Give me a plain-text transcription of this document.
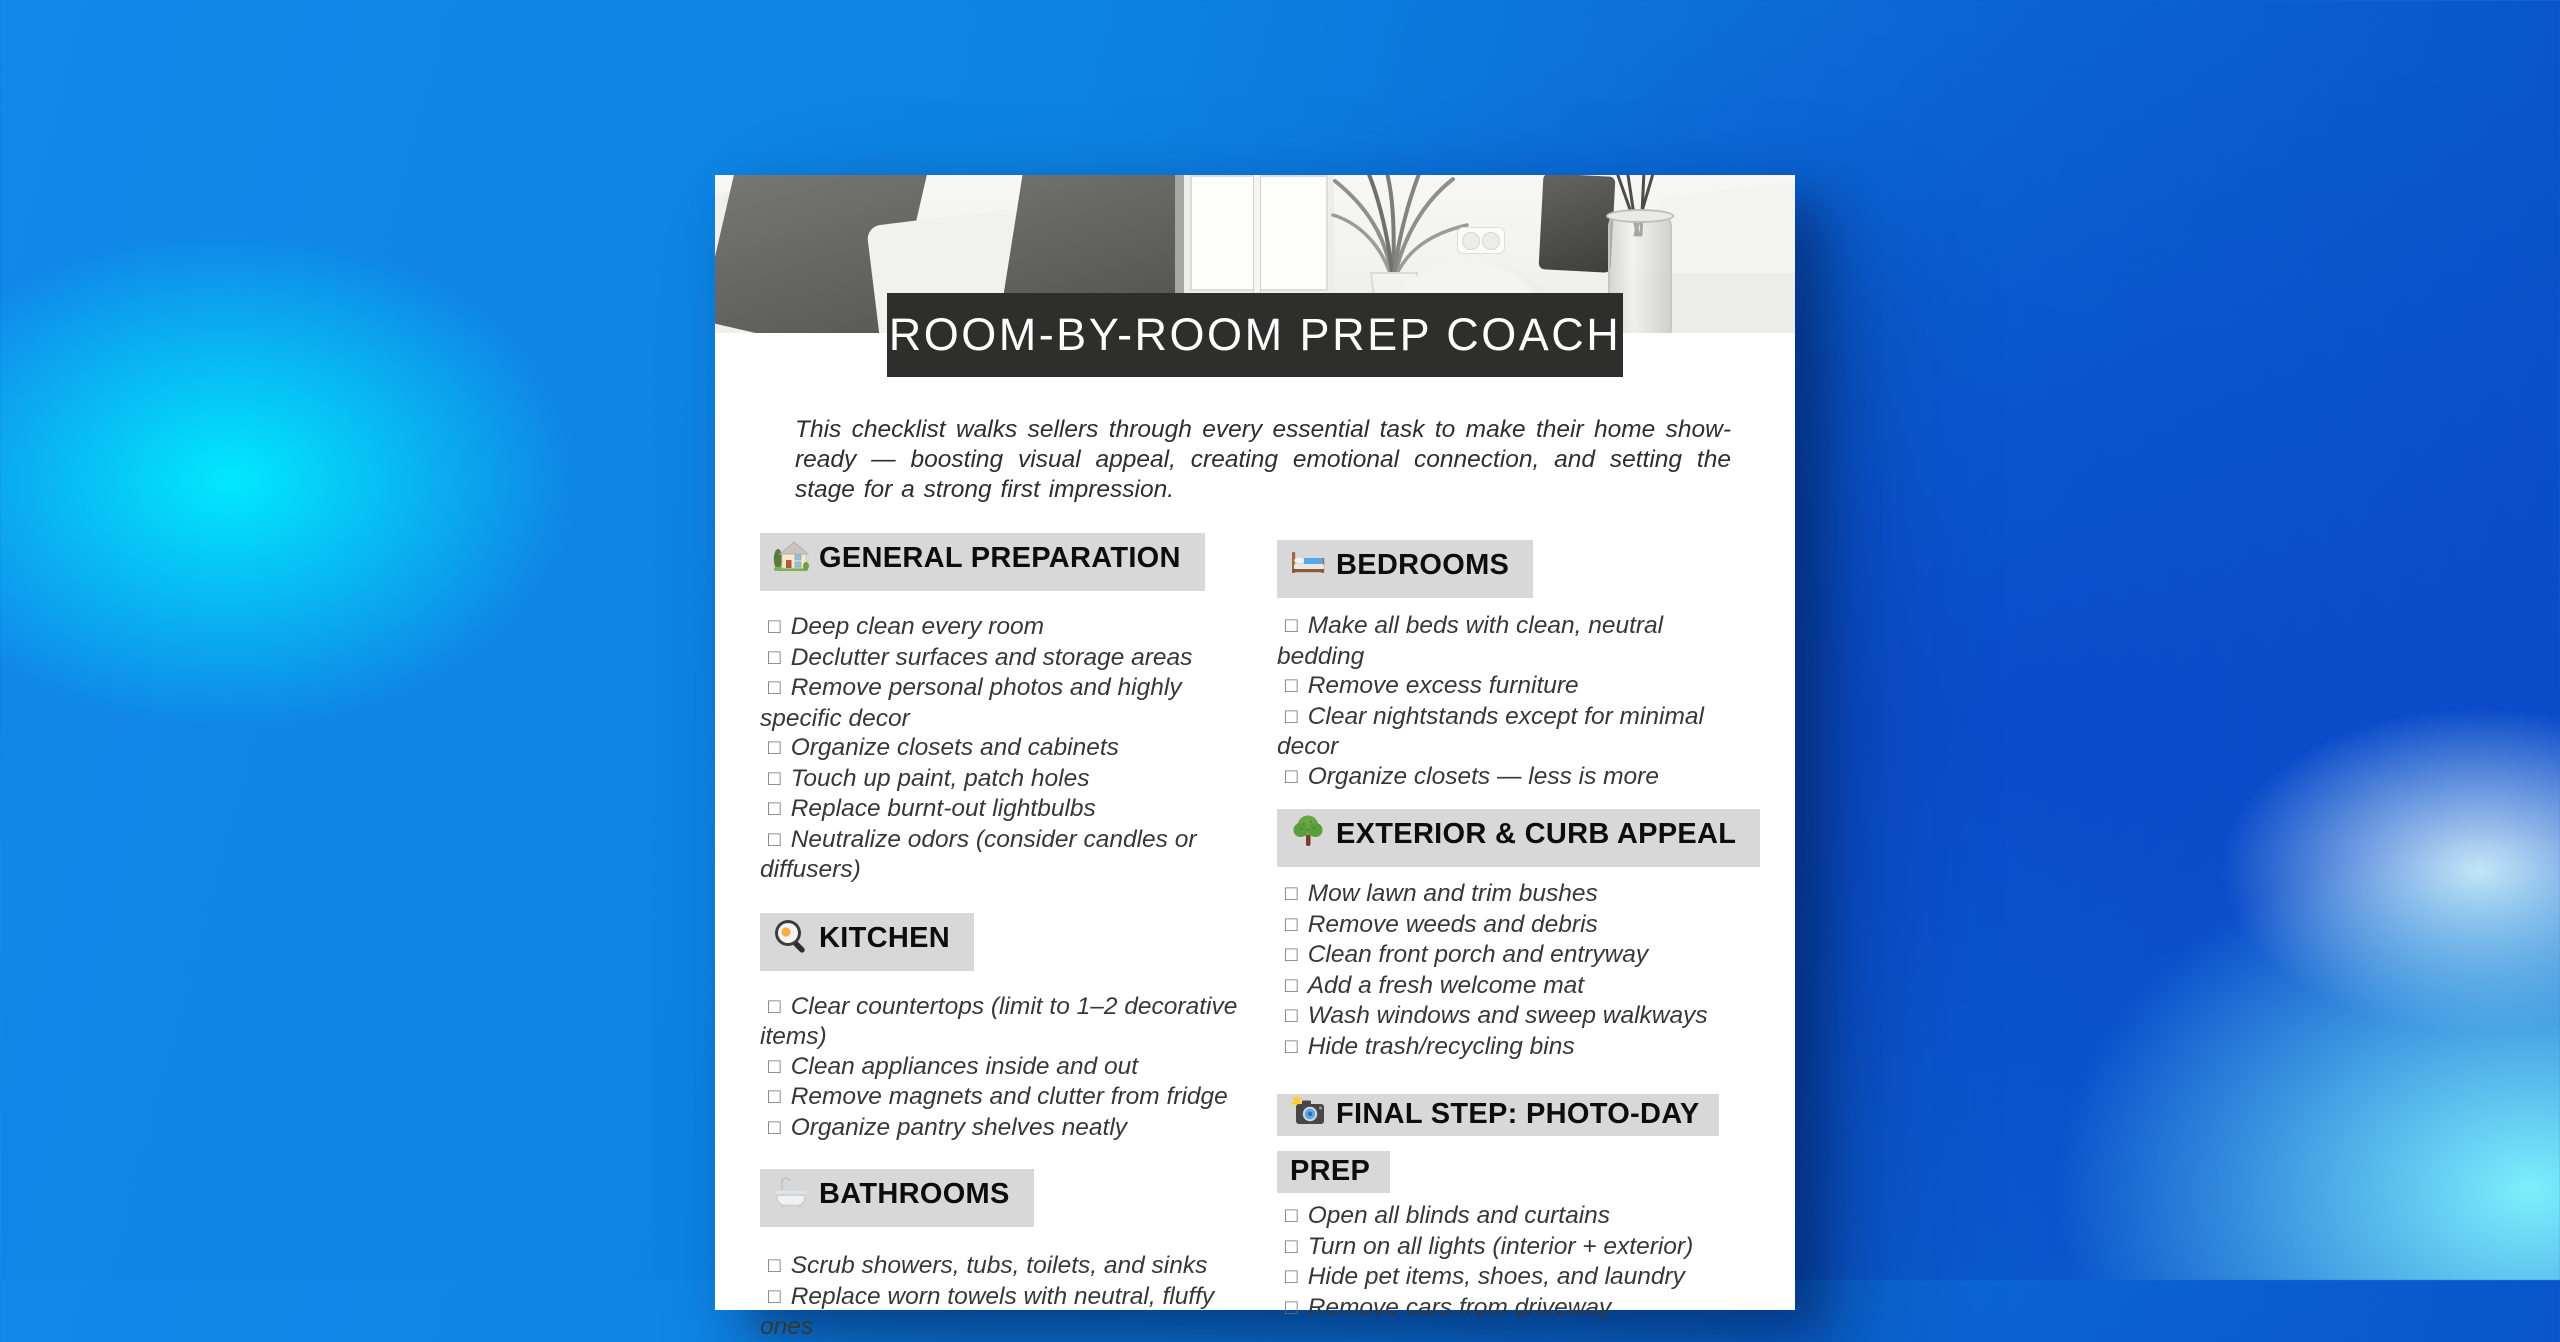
ROOM-BY-ROOM PREP COACH

This checklist walks sellers through every essential task to make their home show-ready — boosting visual appeal, creating emotional connection, and setting the stage for a strong first impression.

GENERAL PREPARATION

□ Deep clean every room

□ Declutter surfaces and storage areas

□ Remove personal photos and highly specific decor

□ Organize closets and cabinets

□ Touch up paint, patch holes

□ Replace burnt-out lightbulbs

□ Neutralize odors (consider candles or diffusers)

KITCHEN

□ Clear countertops (limit to 1–2 decorative items)

□ Clean appliances inside and out

□ Remove magnets and clutter from fridge

□ Organize pantry shelves neatly

BATHROOMS

□ Scrub showers, tubs, toilets, and sinks

□ Replace worn towels with neutral, fluffy ones

BEDROOMS

□ Make all beds with clean, neutral bedding

□ Remove excess furniture

□ Clear nightstands except for minimal decor

□ Organize closets — less is more

EXTERIOR & CURB APPEAL

□ Mow lawn and trim bushes

□ Remove weeds and debris

□ Clean front porch and entryway

□ Add a fresh welcome mat

□ Wash windows and sweep walkways

□ Hide trash/recycling bins

FINAL STEP: PHOTO-DAY PREP

□ Open all blinds and curtains

□ Turn on all lights (interior + exterior)

□ Hide pet items, shoes, and laundry

□ Remove cars from driveway
